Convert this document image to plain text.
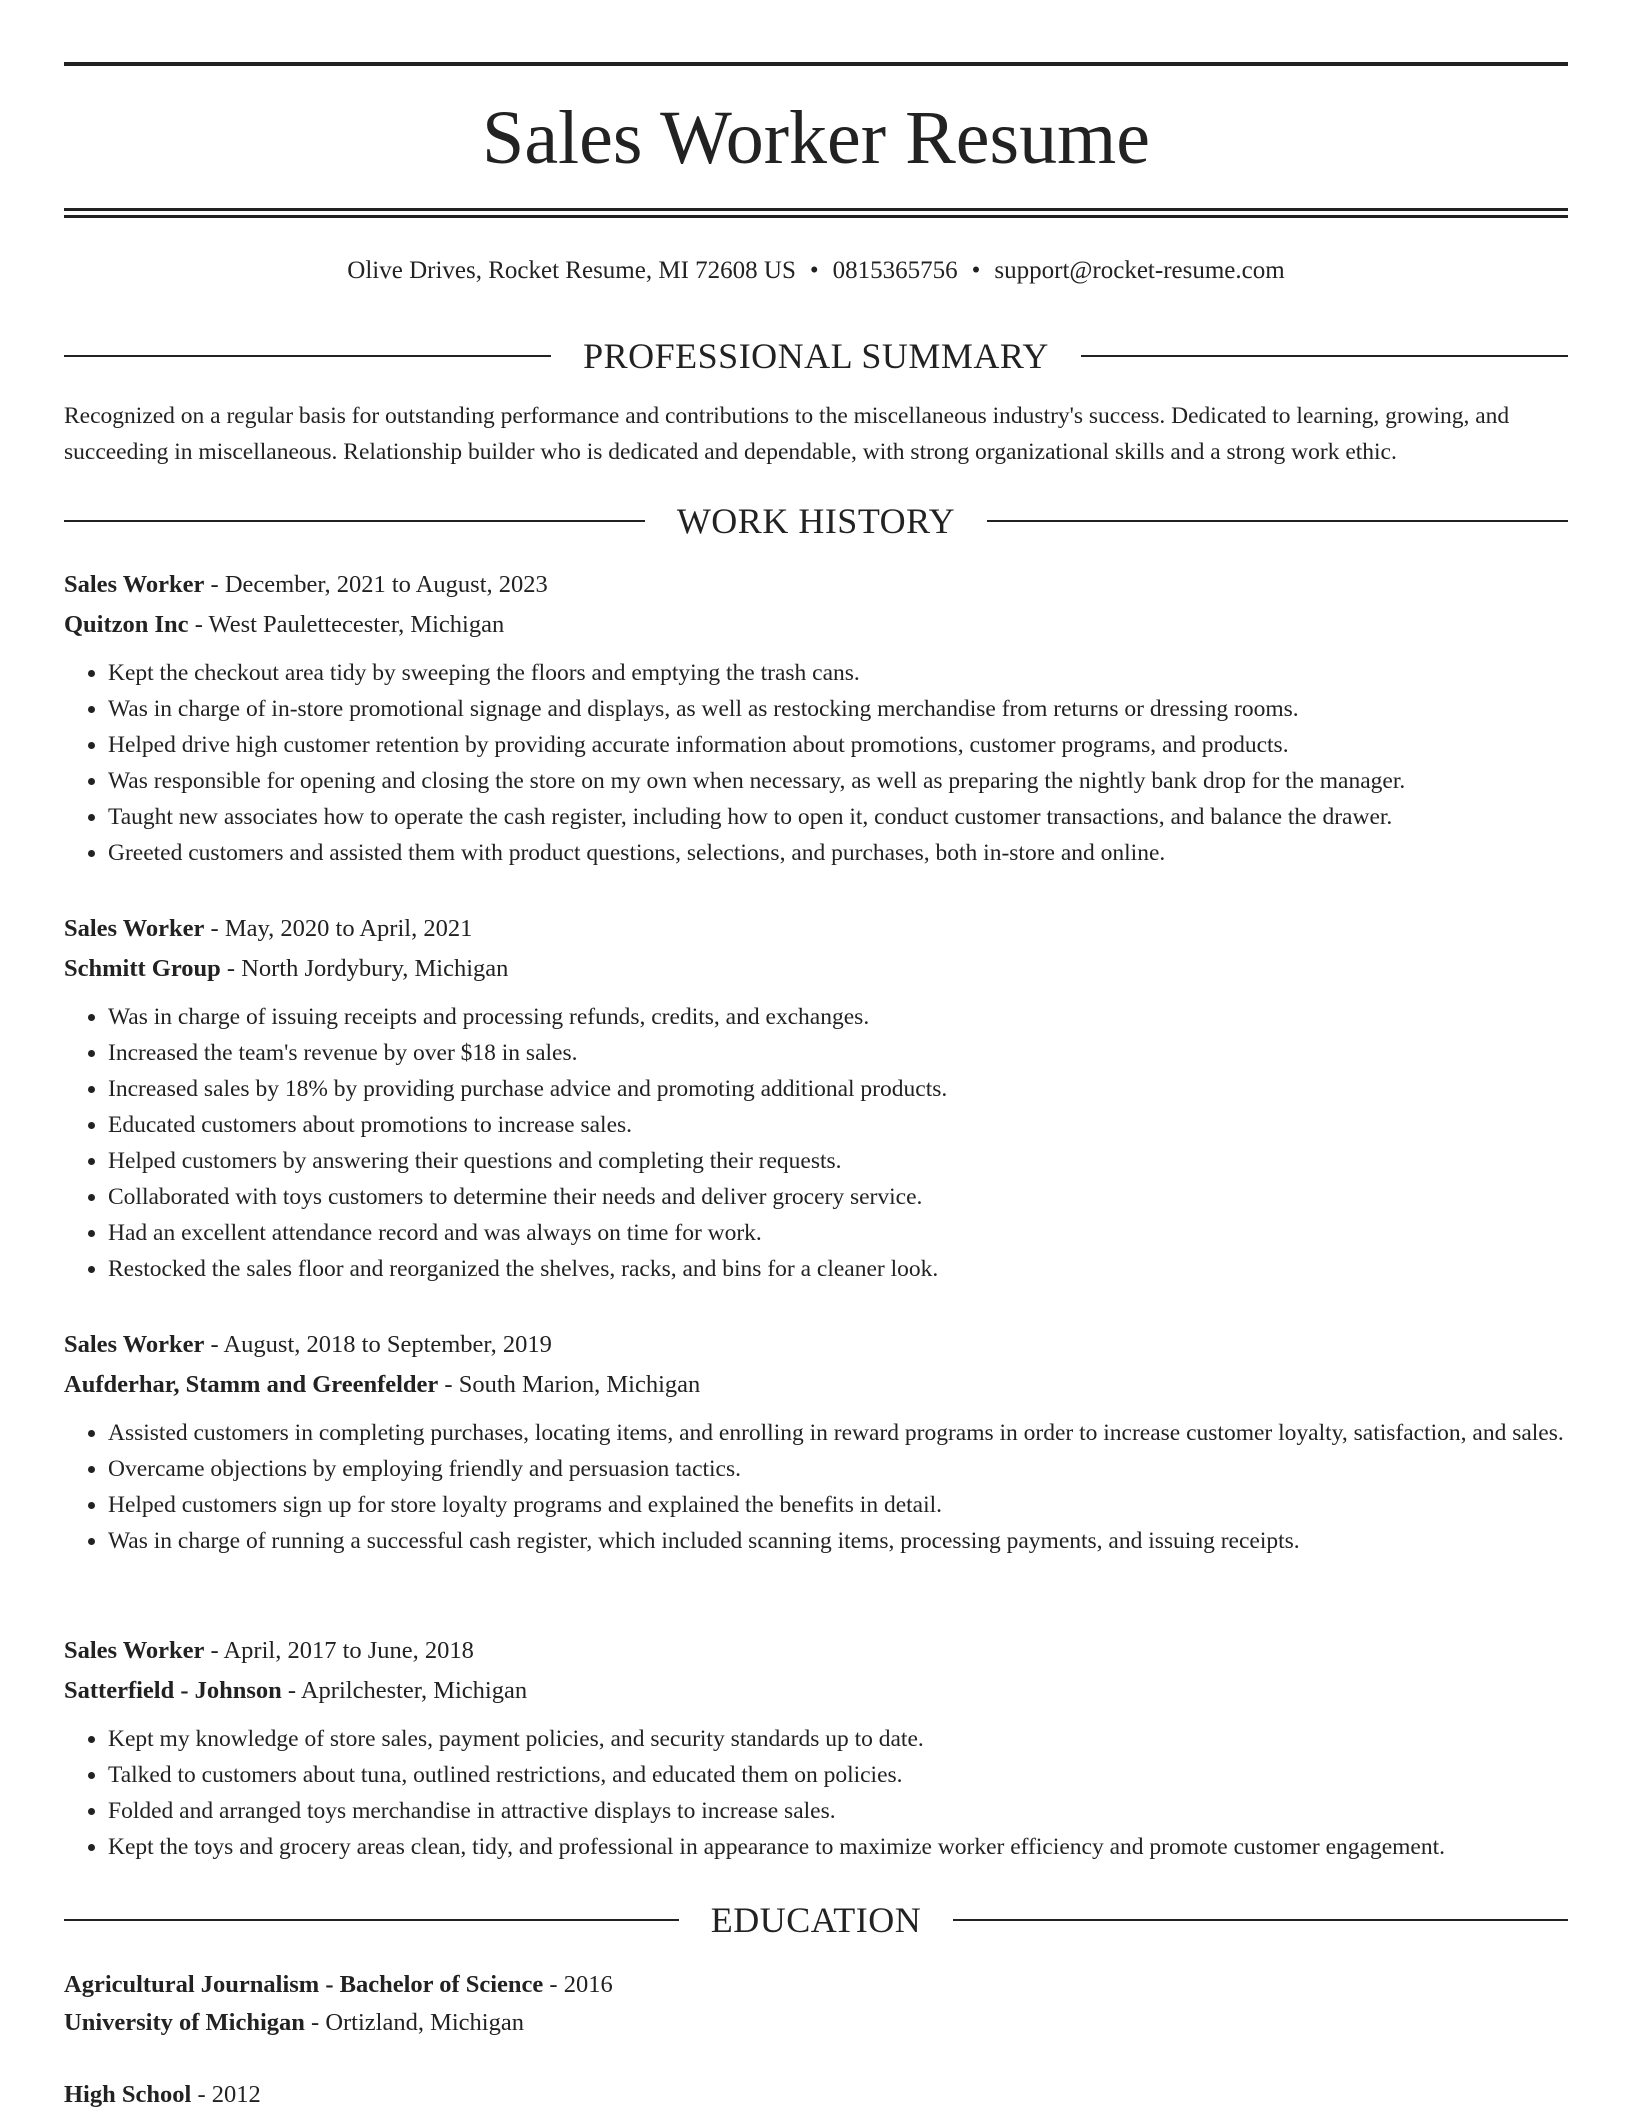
Sales Worker Resume
Olive Drives, Rocket Resume, MI 72608 US • 0815365756 • support@rocket-resume.com
PROFESSIONAL SUMMARY

Recognized on a regular basis for outstanding performance and contributions to the miscellaneous industry's success. Dedicated to learning, growing, and succeeding in miscellaneous. Relationship builder who is dedicated and dependable, with strong organizational skills and a strong work ethic.

WORK HISTORY
Sales Worker - December, 2021 to August, 2023
Quitzon Inc - West Paulettecester, Michigan
• Kept the checkout area tidy by sweeping the floors and emptying the trash cans.
• Was in charge of in-store promotional signage and displays, as well as restocking merchandise from returns or dressing rooms.
• Helped drive high customer retention by providing accurate information about promotions, customer programs, and products.
• Was responsible for opening and closing the store on my own when necessary, as well as preparing the nightly bank drop for the manager.
• Taught new associates how to operate the cash register, including how to open it, conduct customer transactions, and balance the drawer.
• Greeted customers and assisted them with product questions, selections, and purchases, both in-store and online.
Sales Worker - May, 2020 to April, 2021
Schmitt Group - North Jordybury, Michigan
• Was in charge of issuing receipts and processing refunds, credits, and exchanges.
• Increased the team's revenue by over $18 in sales.
• Increased sales by 18% by providing purchase advice and promoting additional products.
• Educated customers about promotions to increase sales.
• Helped customers by answering their questions and completing their requests.
• Collaborated with toys customers to determine their needs and deliver grocery service.
• Had an excellent attendance record and was always on time for work.
• Restocked the sales floor and reorganized the shelves, racks, and bins for a cleaner look.
Sales Worker - August, 2018 to September, 2019
Aufderhar, Stamm and Greenfelder - South Marion, Michigan
• Assisted customers in completing purchases, locating items, and enrolling in reward programs in order to increase customer loyalty, satisfaction, and sales.
• Overcame objections by employing friendly and persuasion tactics.
• Helped customers sign up for store loyalty programs and explained the benefits in detail.
• Was in charge of running a successful cash register, which included scanning items, processing payments, and issuing receipts.
Sales Worker - April, 2017 to June, 2018
Satterfield - Johnson - Aprilchester, Michigan
• Kept my knowledge of store sales, payment policies, and security standards up to date.
• Talked to customers about tuna, outlined restrictions, and educated them on policies.
• Folded and arranged toys merchandise in attractive displays to increase sales.
• Kept the toys and grocery areas clean, tidy, and professional in appearance to maximize worker efficiency and promote customer engagement.
EDUCATION
Agricultural Journalism - Bachelor of Science - 2016
University of Michigan - Ortizland, Michigan
High School - 2012
